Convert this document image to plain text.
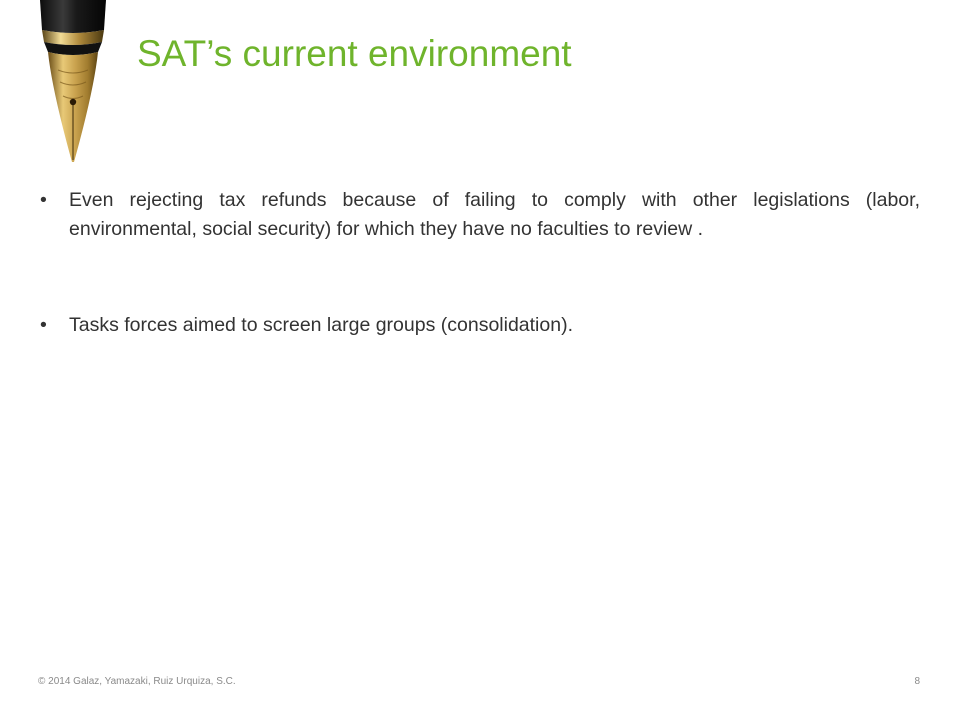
SAT’s current environment
•	Even rejecting tax refunds because of failing to comply with other legislations (labor, environmental, social security) for which they have no faculties to review .
•	Tasks forces aimed to screen large groups (consolidation).
© 2014 Galaz, Yamazaki, Ruiz Urquiza, S.C.	8
